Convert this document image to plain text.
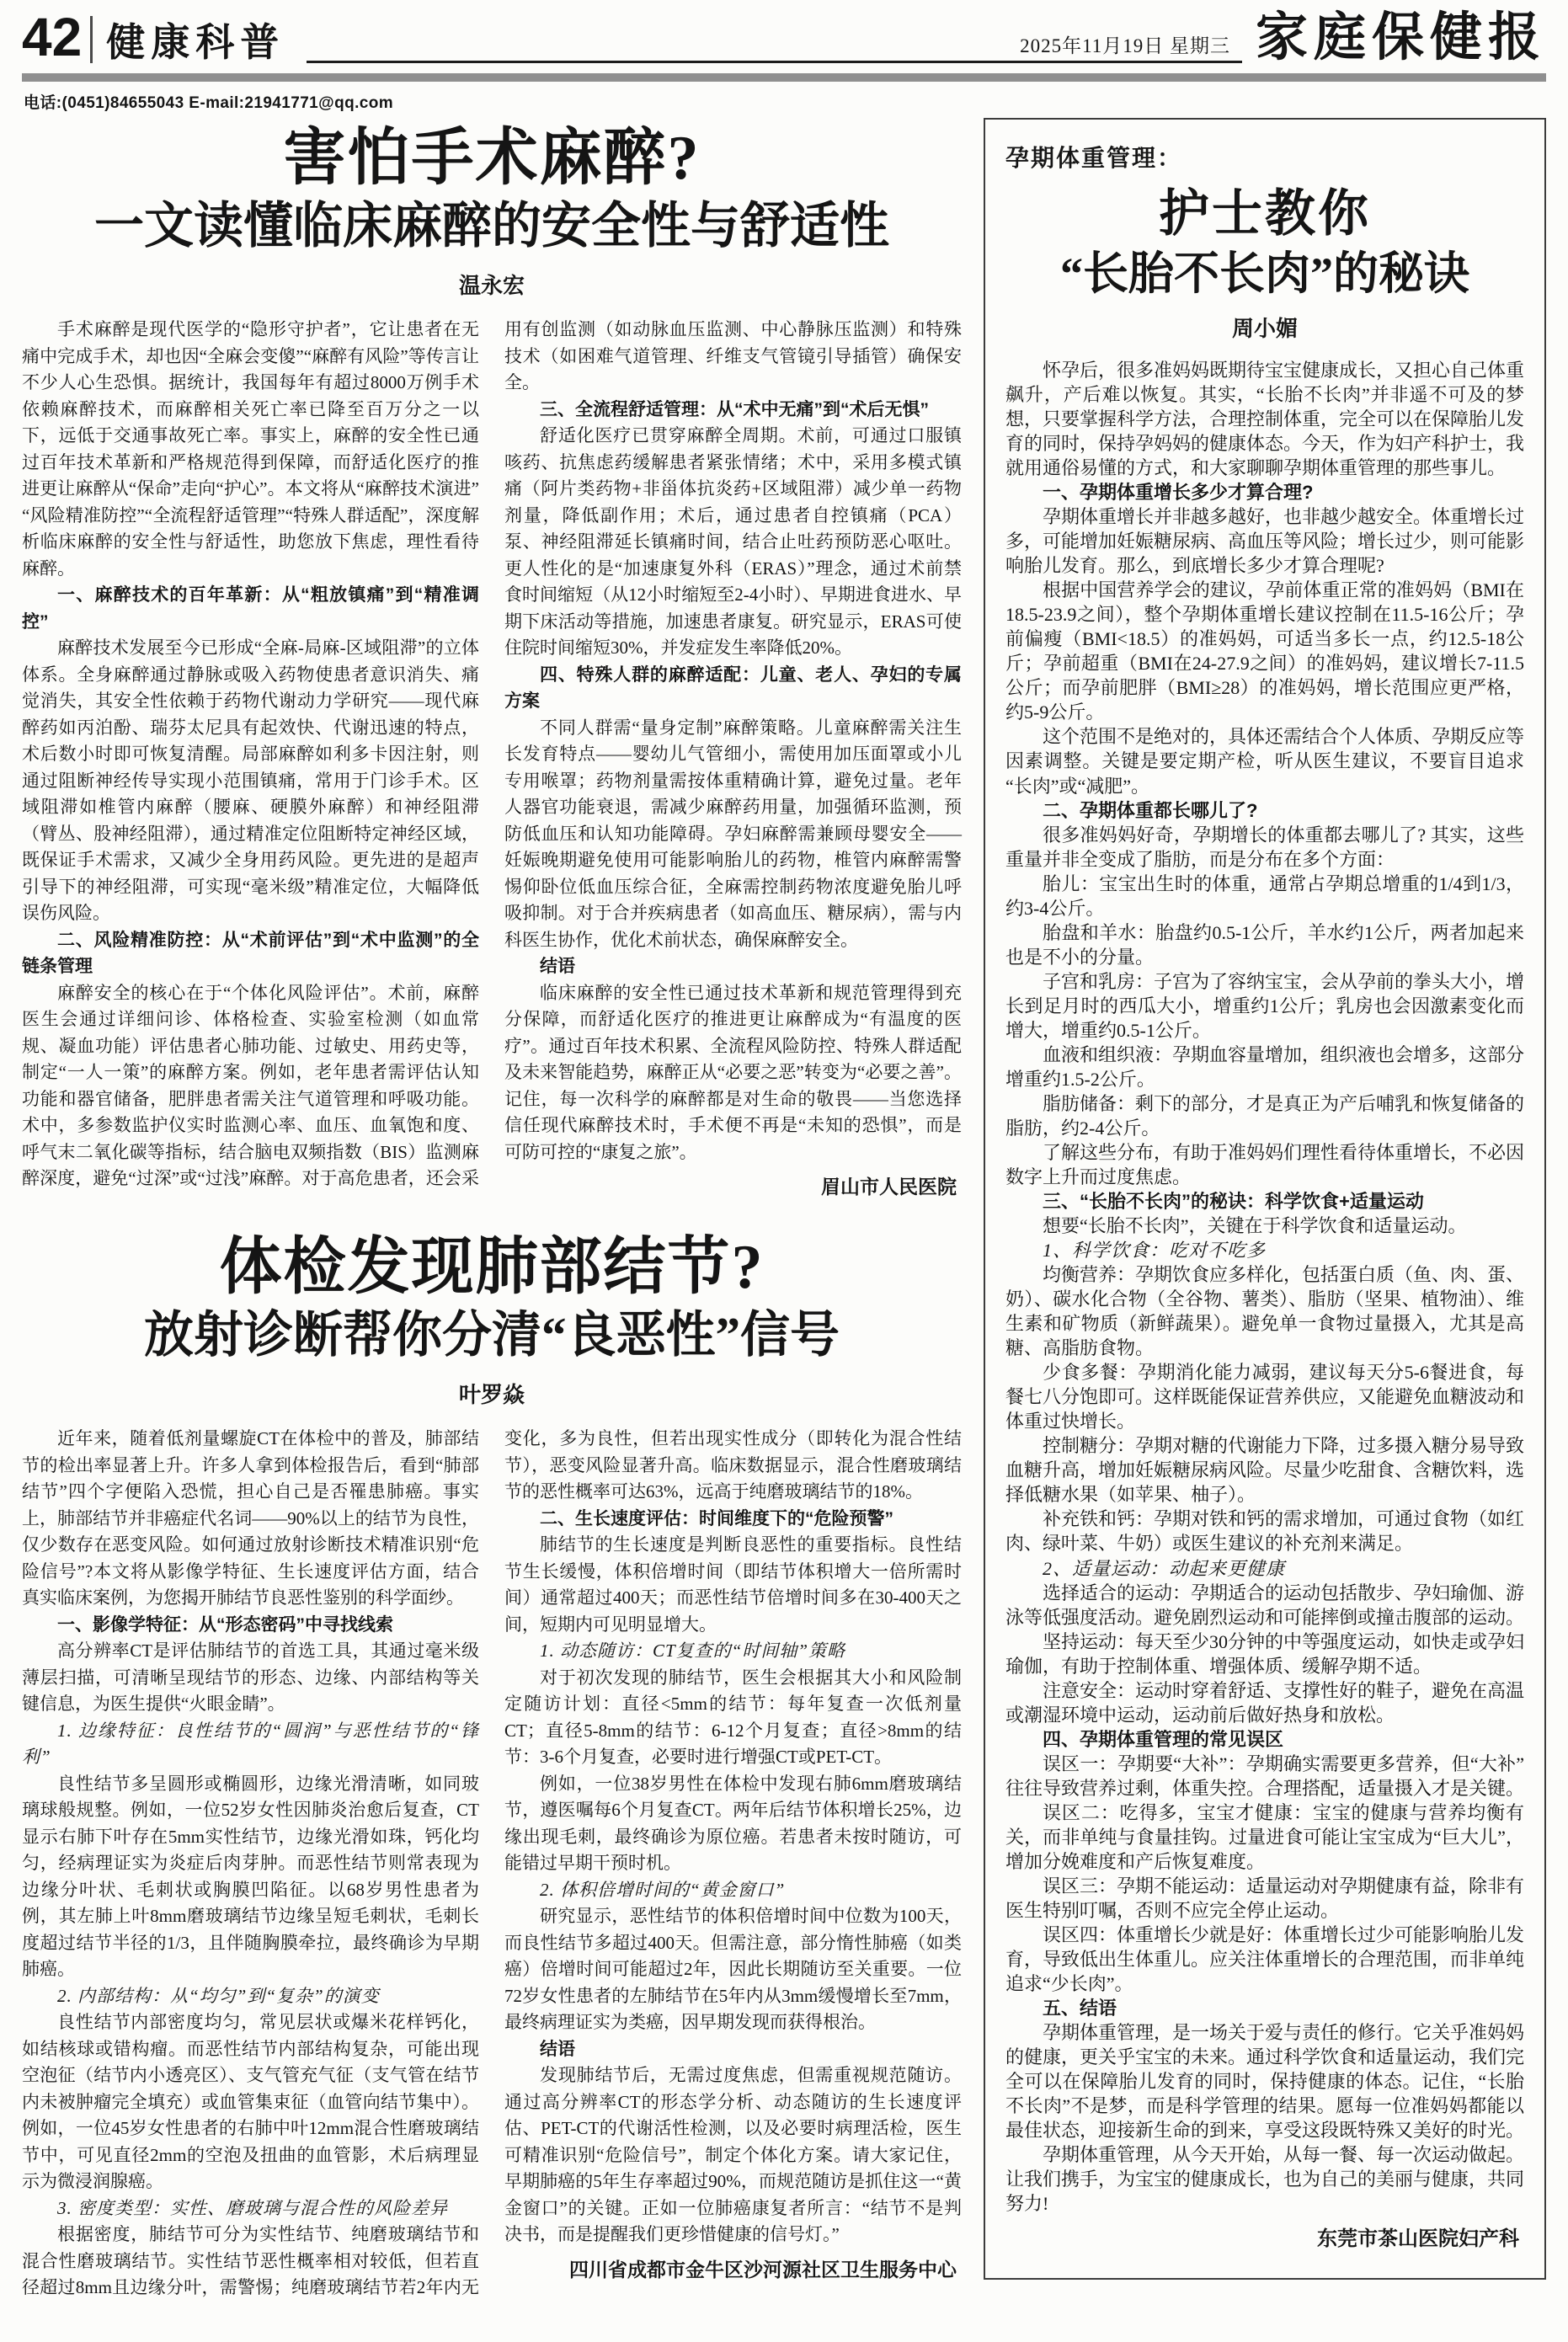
42 健康科普	2025年11月19日 星期三 家庭保健报
电话:(0451)84655043 E-mail:21941771@qq.com
害怕手术麻醉?
一文读懂临床麻醉的安全性与舒适性
温永宏

手术麻醉是现代医学的“隐形守护者”，它让患者在无痛中完成手术，却也因“全麻会变傻”“麻醉有风险”等传言让不少人心生恐惧。据统计，我国每年有超过8000万例手术依赖麻醉技术，而麻醉相关死亡率已降至百万分之一以下，远低于交通事故死亡率。事实上，麻醉的安全性已通过百年技术革新和严格规范得到保障，而舒适化医疗的推进更让麻醉从“保命”走向“护心”。本文将从“麻醉技术演进”“风险精准防控”“全流程舒适管理”“特殊人群适配”，深度解析临床麻醉的安全性与舒适性，助您放下焦虑，理性看待麻醉。

一、麻醉技术的百年革新：从“粗放镇痛”到“精准调控”

麻醉技术发展至今已形成“全麻-局麻-区域阻滞”的立体体系。全身麻醉通过静脉或吸入药物使患者意识消失、痛觉消失，其安全性依赖于药物代谢动力学研究——现代麻醉药如丙泊酚、瑞芬太尼具有起效快、代谢迅速的特点，术后数小时即可恢复清醒。局部麻醉如利多卡因注射，则通过阻断神经传导实现小范围镇痛，常用于门诊手术。区域阻滞如椎管内麻醉（腰麻、硬膜外麻醉）和神经阻滞（臂丛、股神经阻滞），通过精准定位阻断特定神经区域，既保证手术需求，又减少全身用药风险。更先进的是超声引导下的神经阻滞，可实现“毫米级”精准定位，大幅降低误伤风险。

二、风险精准防控：从“术前评估”到“术中监测”的全链条管理

麻醉安全的核心在于“个体化风险评估”。术前，麻醉医生会通过详细问诊、体格检查、实验室检测（如血常规、凝血功能）评估患者心肺功能、过敏史、用药史等，制定“一人一策”的麻醉方案。例如，老年患者需评估认知功能和器官储备，肥胖患者需关注气道管理和呼吸功能。术中，多参数监护仪实时监测心率、血压、血氧饱和度、呼气末二氧化碳等指标，结合脑电双频指数（BIS）监测麻醉深度，避免“过深”或“过浅”麻醉。对于高危患者，还会采用有创监测（如动脉血压监测、中心静脉压监测）和特殊技术（如困难气道管理、纤维支气管镜引导插管）确保安全。

三、全流程舒适管理：从“术中无痛”到“术后无惧”

舒适化医疗已贯穿麻醉全周期。术前，可通过口服镇咳药、抗焦虑药缓解患者紧张情绪；术中，采用多模式镇痛（阿片类药物+非甾体抗炎药+区域阻滞）减少单一药物剂量，降低副作用；术后，通过患者自控镇痛（PCA）泵、神经阻滞延长镇痛时间，结合止吐药预防恶心呕吐。更人性化的是“加速康复外科（ERAS）”理念，通过术前禁食时间缩短（从12小时缩短至2-4小时）、早期进食进水、早期下床活动等措施，加速患者康复。研究显示，ERAS可使住院时间缩短30%，并发症发生率降低20%。

四、特殊人群的麻醉适配：儿童、老人、孕妇的专属方案

不同人群需“量身定制”麻醉策略。儿童麻醉需关注生长发育特点——婴幼儿气管细小，需使用加压面罩或小儿专用喉罩；药物剂量需按体重精确计算，避免过量。老年人器官功能衰退，需减少麻醉药用量，加强循环监测，预防低血压和认知功能障碍。孕妇麻醉需兼顾母婴安全——妊娠晚期避免使用可能影响胎儿的药物，椎管内麻醉需警惕仰卧位低血压综合征，全麻需控制药物浓度避免胎儿呼吸抑制。对于合并疾病患者（如高血压、糖尿病），需与内科医生协作，优化术前状态，确保麻醉安全。

结语

临床麻醉的安全性已通过技术革新和规范管理得到充分保障，而舒适化医疗的推进更让麻醉成为“有温度的医疗”。通过百年技术积累、全流程风险防控、特殊人群适配及未来智能趋势，麻醉正从“必要之恶”转变为“必要之善”。记住，每一次科学的麻醉都是对生命的敬畏——当您选择信任现代麻醉技术时，手术便不再是“未知的恐惧”，而是可防可控的“康复之旅”。

眉山市人民医院

体检发现肺部结节?
放射诊断帮你分清“良恶性”信号
叶罗焱

近年来，随着低剂量螺旋CT在体检中的普及，肺部结节的检出率显著上升。许多人拿到体检报告后，看到“肺部结节”四个字便陷入恐慌，担心自己是否罹患肺癌。事实上，肺部结节并非癌症代名词——90%以上的结节为良性，仅少数存在恶变风险。如何通过放射诊断技术精准识别“危险信号”?本文将从影像学特征、生长速度评估方面，结合真实临床案例，为您揭开肺结节良恶性鉴别的科学面纱。

一、影像学特征：从“形态密码”中寻找线索

高分辨率CT是评估肺结节的首选工具，其通过毫米级薄层扫描，可清晰呈现结节的形态、边缘、内部结构等关键信息，为医生提供“火眼金睛”。

1. 边缘特征：良性结节的“圆润”与恶性结节的“锋利”

良性结节多呈圆形或椭圆形，边缘光滑清晰，如同玻璃球般规整。例如，一位52岁女性因肺炎治愈后复查，CT显示右肺下叶存在5mm实性结节，边缘光滑如珠，钙化均匀，经病理证实为炎症后肉芽肿。而恶性结节则常表现为边缘分叶状、毛刺状或胸膜凹陷征。以68岁男性患者为例，其左肺上叶8mm磨玻璃结节边缘呈短毛刺状，毛刺长度超过结节半径的1/3，且伴随胸膜牵拉，最终确诊为早期肺癌。

2. 内部结构：从“均匀”到“复杂”的演变

良性结节内部密度均匀，常见层状或爆米花样钙化，如结核球或错构瘤。而恶性结节内部结构复杂，可能出现空泡征（结节内小透亮区）、支气管充气征（支气管在结节内未被肿瘤完全填充）或血管集束征（血管向结节集中）。例如，一位45岁女性患者的右肺中叶12mm混合性磨玻璃结节中，可见直径2mm的空泡及扭曲的血管影，术后病理显示为微浸润腺癌。

3. 密度类型：实性、磨玻璃与混合性的风险差异

根据密度，肺结节可分为实性结节、纯磨玻璃结节和混合性磨玻璃结节。实性结节恶性概率相对较低，但若直径超过8mm且边缘分叶，需警惕；纯磨玻璃结节若2年内无变化，多为良性，但若出现实性成分（即转化为混合性结节），恶变风险显著升高。临床数据显示，混合性磨玻璃结节的恶性概率可达63%，远高于纯磨玻璃结节的18%。

二、生长速度评估：时间维度下的“危险预警”

肺结节的生长速度是判断良恶性的重要指标。良性结节生长缓慢，体积倍增时间（即结节体积增大一倍所需时间）通常超过400天；而恶性结节倍增时间多在30-400天之间，短期内可见明显增大。

1. 动态随访：CT复查的“时间轴”策略

对于初次发现的肺结节，医生会根据其大小和风险制定随访计划：直径<5mm的结节：每年复查一次低剂量CT；直径5-8mm的结节：6-12个月复查；直径>8mm的结节：3-6个月复查，必要时进行增强CT或PET-CT。

例如，一位38岁男性在体检中发现右肺6mm磨玻璃结节，遵医嘱每6个月复查CT。两年后结节体积增长25%，边缘出现毛刺，最终确诊为原位癌。若患者未按时随访，可能错过早期干预时机。

2. 体积倍增时间的“黄金窗口”

研究显示，恶性结节的体积倍增时间中位数为100天，而良性结节多超过400天。但需注意，部分惰性肺癌（如类癌）倍增时间可能超过2年，因此长期随访至关重要。一位72岁女性患者的左肺结节在5年内从3mm缓慢增长至7mm，最终病理证实为类癌，因早期发现而获得根治。

结语

发现肺结节后，无需过度焦虑，但需重视规范随访。通过高分辨率CT的形态学分析、动态随访的生长速度评估、PET-CT的代谢活性检测，以及必要时病理活检，医生可精准识别“危险信号”，制定个体化方案。请大家记住，早期肺癌的5年生存率超过90%，而规范随访是抓住这一“黄金窗口”的关键。正如一位肺癌康复者所言：“结节不是判决书，而是提醒我们更珍惜健康的信号灯。”

四川省成都市金牛区沙河源社区卫生服务中心

孕期体重管理：
护士教你
“长胎不长肉”的秘诀
周小媚

怀孕后，很多准妈妈既期待宝宝健康成长，又担心自己体重飙升，产后难以恢复。其实，“长胎不长肉”并非遥不可及的梦想，只要掌握科学方法，合理控制体重，完全可以在保障胎儿发育的同时，保持孕妈妈的健康体态。今天，作为妇产科护士，我就用通俗易懂的方式，和大家聊聊孕期体重管理的那些事儿。

一、孕期体重增长多少才算合理?

孕期体重增长并非越多越好，也非越少越安全。体重增长过多，可能增加妊娠糖尿病、高血压等风险；增长过少，则可能影响胎儿发育。那么，到底增长多少才算合理呢?

根据中国营养学会的建议，孕前体重正常的准妈妈（BMI在18.5-23.9之间），整个孕期体重增长建议控制在11.5-16公斤；孕前偏瘦（BMI<18.5）的准妈妈，可适当多长一点，约12.5-18公斤；孕前超重（BMI在24-27.9之间）的准妈妈，建议增长7-11.5公斤；而孕前肥胖（BMI≥28）的准妈妈，增长范围应更严格，约5-9公斤。

这个范围不是绝对的，具体还需结合个人体质、孕期反应等因素调整。关键是要定期产检，听从医生建议，不要盲目追求“长肉”或“减肥”。

二、孕期体重都长哪儿了?

很多准妈妈好奇，孕期增长的体重都去哪儿了? 其实，这些重量并非全变成了脂肪，而是分布在多个方面：

胎儿：宝宝出生时的体重，通常占孕期总增重的1/4到1/3，约3-4公斤。

胎盘和羊水：胎盘约0.5-1公斤，羊水约1公斤，两者加起来也是不小的分量。

子宫和乳房：子宫为了容纳宝宝，会从孕前的拳头大小，增长到足月时的西瓜大小，增重约1公斤；乳房也会因激素变化而增大，增重约0.5-1公斤。

血液和组织液：孕期血容量增加，组织液也会增多，这部分增重约1.5-2公斤。

脂肪储备：剩下的部分，才是真正为产后哺乳和恢复储备的脂肪，约2-4公斤。

了解这些分布，有助于准妈妈们理性看待体重增长，不必因数字上升而过度焦虑。

三、“长胎不长肉”的秘诀：科学饮食+适量运动

想要“长胎不长肉”，关键在于科学饮食和适量运动。

1、科学饮食：吃对不吃多

均衡营养：孕期饮食应多样化，包括蛋白质（鱼、肉、蛋、奶）、碳水化合物（全谷物、薯类）、脂肪（坚果、植物油）、维生素和矿物质（新鲜蔬果）。避免单一食物过量摄入，尤其是高糖、高脂肪食物。

少食多餐：孕期消化能力减弱，建议每天分5-6餐进食，每餐七八分饱即可。这样既能保证营养供应，又能避免血糖波动和体重过快增长。

控制糖分：孕期对糖的代谢能力下降，过多摄入糖分易导致血糖升高，增加妊娠糖尿病风险。尽量少吃甜食、含糖饮料，选择低糖水果（如苹果、柚子）。

补充铁和钙：孕期对铁和钙的需求增加，可通过食物（如红肉、绿叶菜、牛奶）或医生建议的补充剂来满足。

2、适量运动：动起来更健康

选择适合的运动：孕期适合的运动包括散步、孕妇瑜伽、游泳等低强度活动。避免剧烈运动和可能摔倒或撞击腹部的运动。

坚持运动：每天至少30分钟的中等强度运动，如快走或孕妇瑜伽，有助于控制体重、增强体质、缓解孕期不适。

注意安全：运动时穿着舒适、支撑性好的鞋子，避免在高温或潮湿环境中运动，运动前后做好热身和放松。

四、孕期体重管理的常见误区

误区一：孕期要“大补”：孕期确实需要更多营养，但“大补”往往导致营养过剩，体重失控。合理搭配，适量摄入才是关键。

误区二：吃得多，宝宝才健康：宝宝的健康与营养均衡有关，而非单纯与食量挂钩。过量进食可能让宝宝成为“巨大儿”，增加分娩难度和产后恢复难度。

误区三：孕期不能运动：适量运动对孕期健康有益，除非有医生特别叮嘱，否则不应完全停止运动。

误区四：体重增长少就是好：体重增长过少可能影响胎儿发育，导致低出生体重儿。应关注体重增长的合理范围，而非单纯追求“少长肉”。

五、结语

孕期体重管理，是一场关于爱与责任的修行。它关乎准妈妈的健康，更关乎宝宝的未来。通过科学饮食和适量运动，我们完全可以在保障胎儿发育的同时，保持健康的体态。记住，“长胎不长肉”不是梦，而是科学管理的结果。愿每一位准妈妈都能以最佳状态，迎接新生命的到来，享受这段既特殊又美好的时光。

孕期体重管理，从今天开始，从每一餐、每一次运动做起。让我们携手，为宝宝的健康成长，也为自己的美丽与健康，共同努力!

东莞市茶山医院妇产科
